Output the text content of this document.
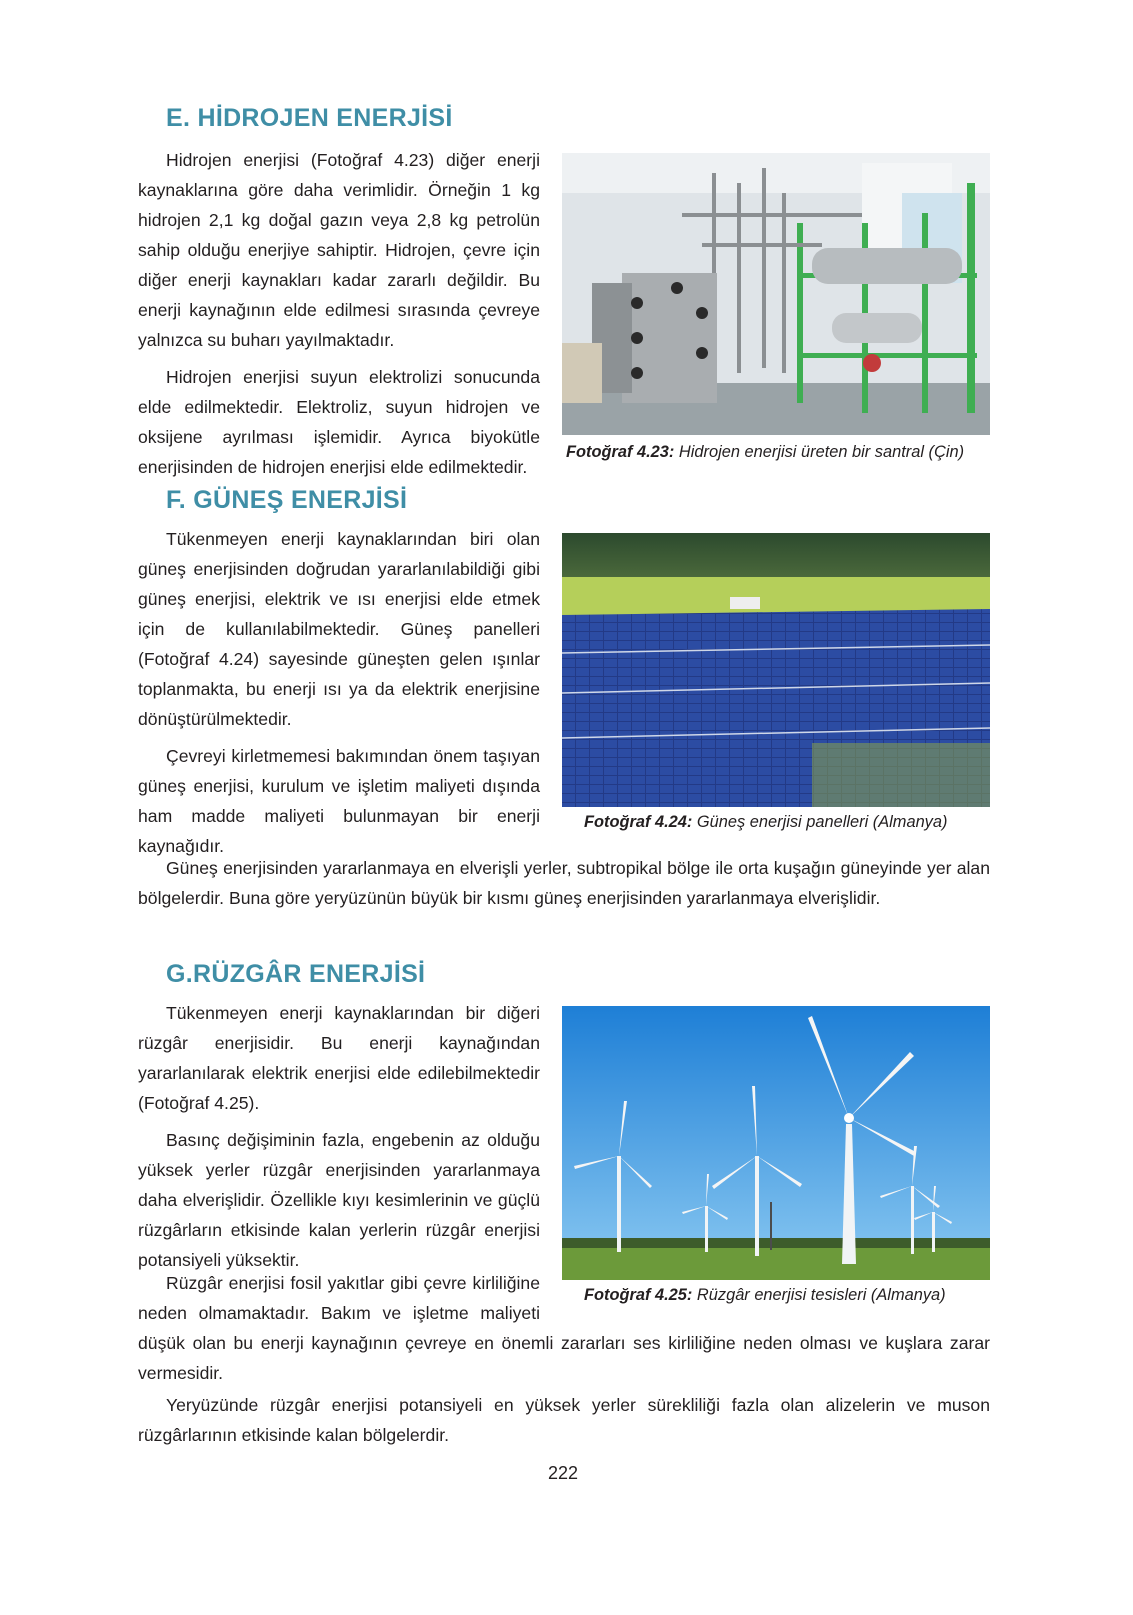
E. HİDROJEN ENERJİSİ

Hidrojen enerjisi (Fotoğraf 4.23) diğer enerji kaynaklarına göre daha verimlidir. Örneğin 1 kg hidrojen 2,1 kg doğal gazın veya 2,8 kg petrolün sahip olduğu enerjiye sahiptir. Hidrojen, çevre için diğer enerji kaynakları kadar zararlı değildir. Bu enerji kaynağının elde edilmesi sırasında çevreye yalnızca su buharı yayılmaktadır.

Hidrojen enerjisi suyun elektrolizi sonucunda elde edilmektedir. Elektroliz, suyun hidrojen ve oksijene ayrılması işlemidir. Ayrıca biyokütle enerjisinden de hidrojen enerjisi elde edilmektedir.

Fotoğraf 4.23: Hidrojen enerjisi üreten bir santral (Çin)
F. GÜNEŞ ENERJİSİ

Tükenmeyen enerji kaynaklarından biri olan güneş enerjisinden doğrudan yararlanılabildiği gibi güneş enerjisi, elektrik ve ısı enerjisi elde etmek için de kullanılabilmektedir. Güneş panelleri (Fotoğraf 4.24) sayesinde güneşten gelen ışınlar toplanmakta, bu enerji ısı ya da elektrik enerjisine dönüştürülmektedir.

Çevreyi kirletmemesi bakımından önem taşıyan güneş enerjisi, kurulum ve işletim maliyeti dışında ham madde maliyeti bulunmayan bir enerji kaynağıdır.

Fotoğraf 4.24: Güneş enerjisi panelleri (Almanya)

Güneş enerjisinden yararlanmaya en elverişli yerler, subtropikal bölge ile orta kuşağın güneyinde yer alan bölgelerdir. Buna göre yeryüzünün büyük bir kısmı güneş enerjisinden yararlanmaya elverişlidir.

G.RÜZGÂR ENERJİSİ

Tükenmeyen enerji kaynaklarından bir diğeri rüzgâr enerjisidir. Bu enerji kaynağından yararlanılarak elektrik enerjisi elde edilebilmektedir (Fotoğraf 4.25).

Basınç değişiminin fazla, engebenin az olduğu yüksek yerler rüzgâr enerjisinden yararlanmaya daha elverişlidir. Özellikle kıyı kesimlerinin ve güçlü rüzgârların etkisinde kalan yerlerin rüzgâr enerjisi potansiyeli yüksektir.

Fotoğraf 4.25: Rüzgâr enerjisi tesisleri (Almanya)

Rüzgâr enerjisi fosil yakıtlar gibi çevre kirliliğine neden olmamaktadır. Bakım ve işletme maliyeti düşük olan bu enerji kaynağının çevreye en önemli zararları ses kirliliğine neden olması ve kuşlara zarar vermesidir.

Yeryüzünde rüzgâr enerjisi potansiyeli en yüksek yerler sürekliliği fazla olan alizelerin ve muson rüzgârlarının etkisinde kalan bölgelerdir.

222
